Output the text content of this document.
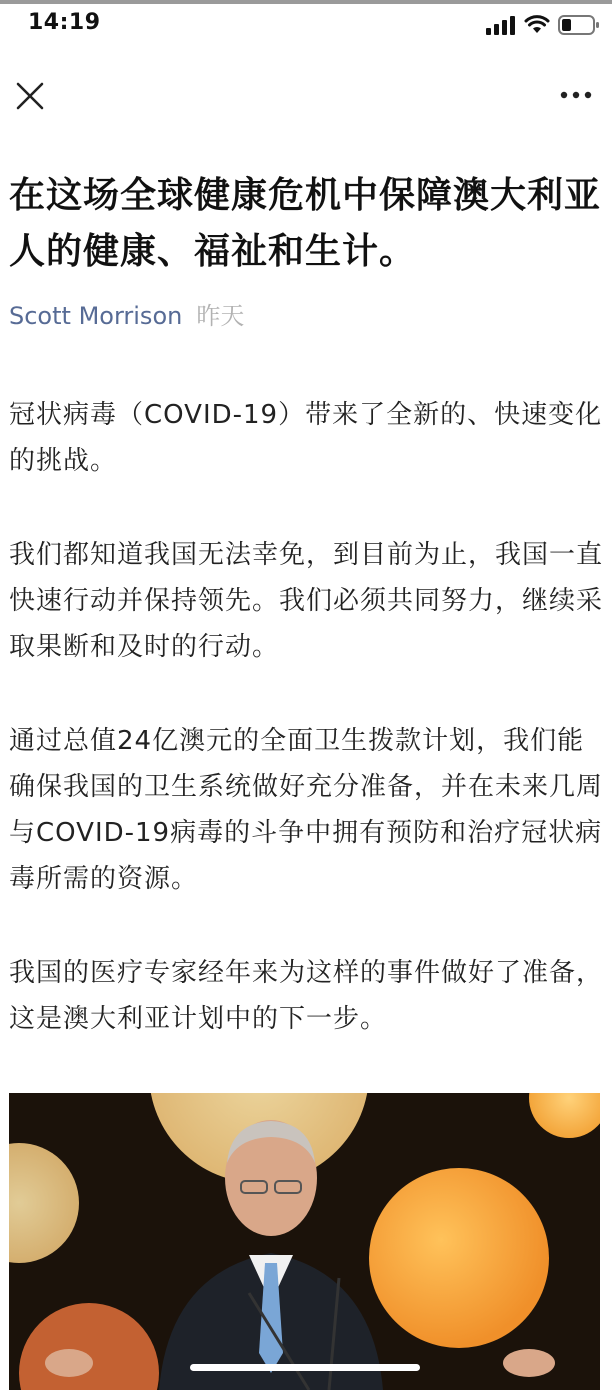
14:19
在这场全球健康危机中保障澳大利亚人的健康、福祉和生计。
Scott Morrison 昨天

冠状病毒（COVID-19）带来了全新的、快速变化的挑战。

我们都知道我国无法幸免，到目前为止，我国一直快速行动并保持领先。我们必须共同努力，继续采取果断和及时的行动。

通过总值24亿澳元的全面卫生拨款计划，我们能确保我国的卫生系统做好充分准备，并在未来几周与COVID-19病毒的斗争中拥有预防和治疗冠状病毒所需的资源。

我国的医疗专家经年来为这样的事件做好了准备，这是澳大利亚计划中的下一步。
